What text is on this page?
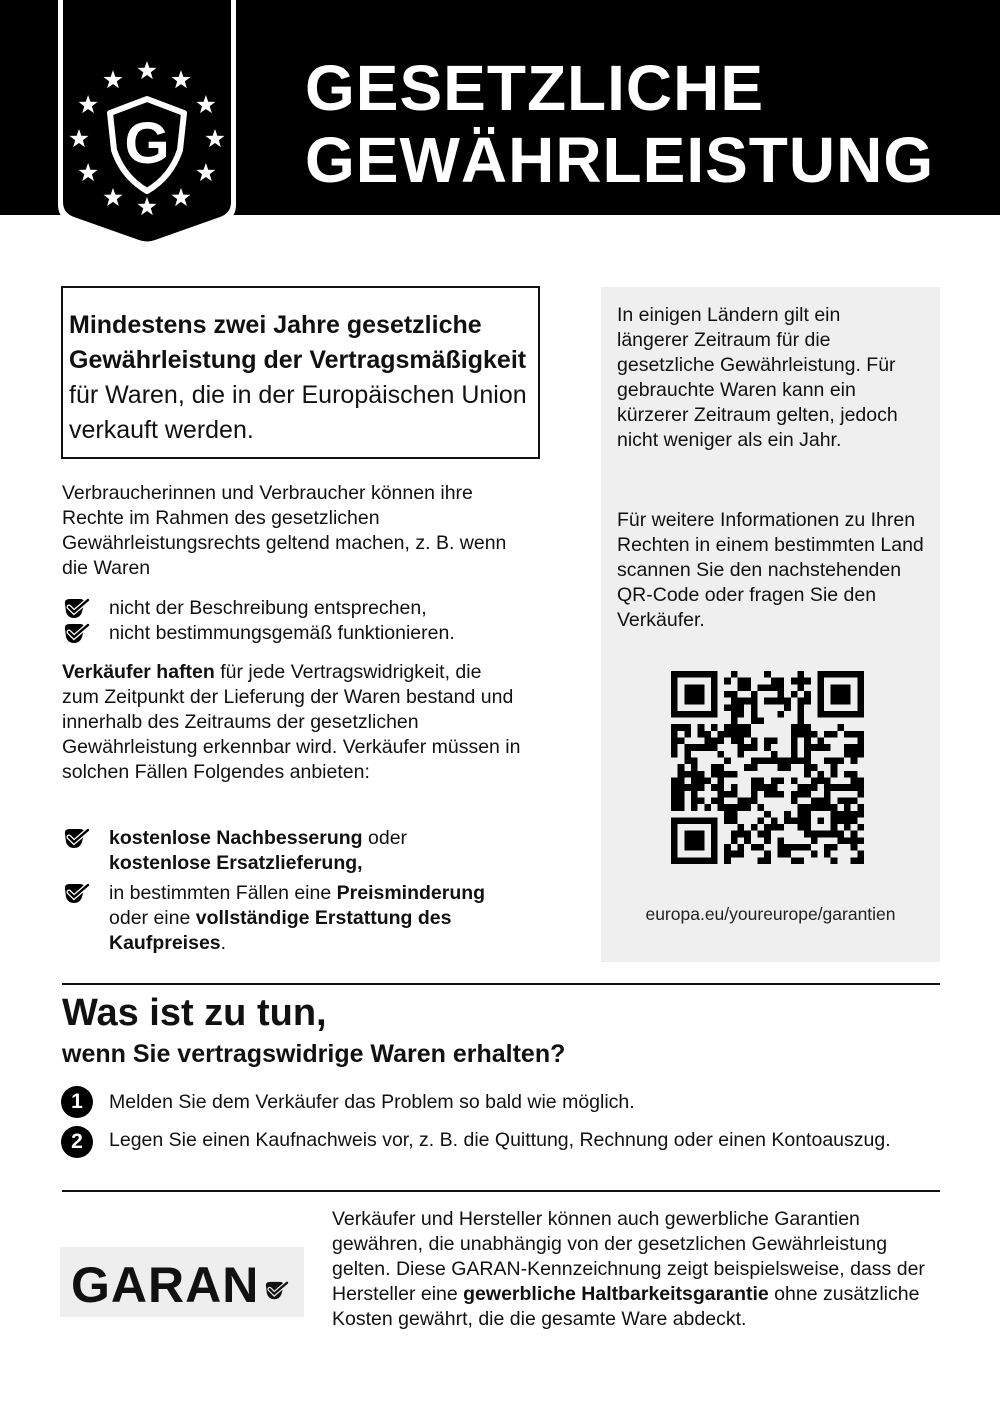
G
GESETZLICHE
GEWÄHRLEISTUNG
Mindestens zwei Jahre gesetzliche Gewährleistung der Vertragsmäßigkeit für Waren, die in der Europäischen Union verkauft werden.
Verbraucherinnen und Verbraucher können ihre Rechte im Rahmen des gesetzlichen Gewährleistungsrechts geltend machen, z. B. wenn die Waren
nicht der Beschreibung entsprechen,
nicht bestimmungsgemäß funktionieren.
Verkäufer haften für jede Vertragswidrigkeit, die zum Zeitpunkt der Lieferung der Waren bestand und innerhalb des Zeitraums der gesetzlichen Gewährleistung erkennbar wird. Verkäufer müssen in solchen Fällen Folgendes anbieten:
kostenlose Nachbesserung oder
kostenlose Ersatzlieferung,
in bestimmten Fällen eine Preisminderung
oder eine vollständige Erstattung des
Kaufpreises.
In einigen Ländern gilt ein längerer Zeitraum für die gesetzliche Gewährleistung. Für gebrauchte Waren kann ein kürzerer Zeitraum gelten, jedoch nicht weniger als ein Jahr.
Für weitere Informationen zu Ihren Rechten in einem bestimmten Land scannen Sie den nachstehenden QR-Code oder fragen Sie den Verkäufer.
europa.eu/youreurope/garantien
Was ist zu tun,
wenn Sie vertragswidrige Waren erhalten?
1	Melden Sie dem Verkäufer das Problem so bald wie möglich.
2	Legen Sie einen Kaufnachweis vor, z. B. die Quittung, Rechnung oder einen Kontoauszug.
GARAN
Verkäufer und Hersteller können auch gewerbliche Garantien gewähren, die unabhängig von der gesetzlichen Gewährleistung gelten. Diese GARAN-Kennzeichnung zeigt beispielsweise, dass der Hersteller eine gewerbliche Haltbarkeitsgarantie ohne zusätzliche Kosten gewährt, die die gesamte Ware abdeckt.
